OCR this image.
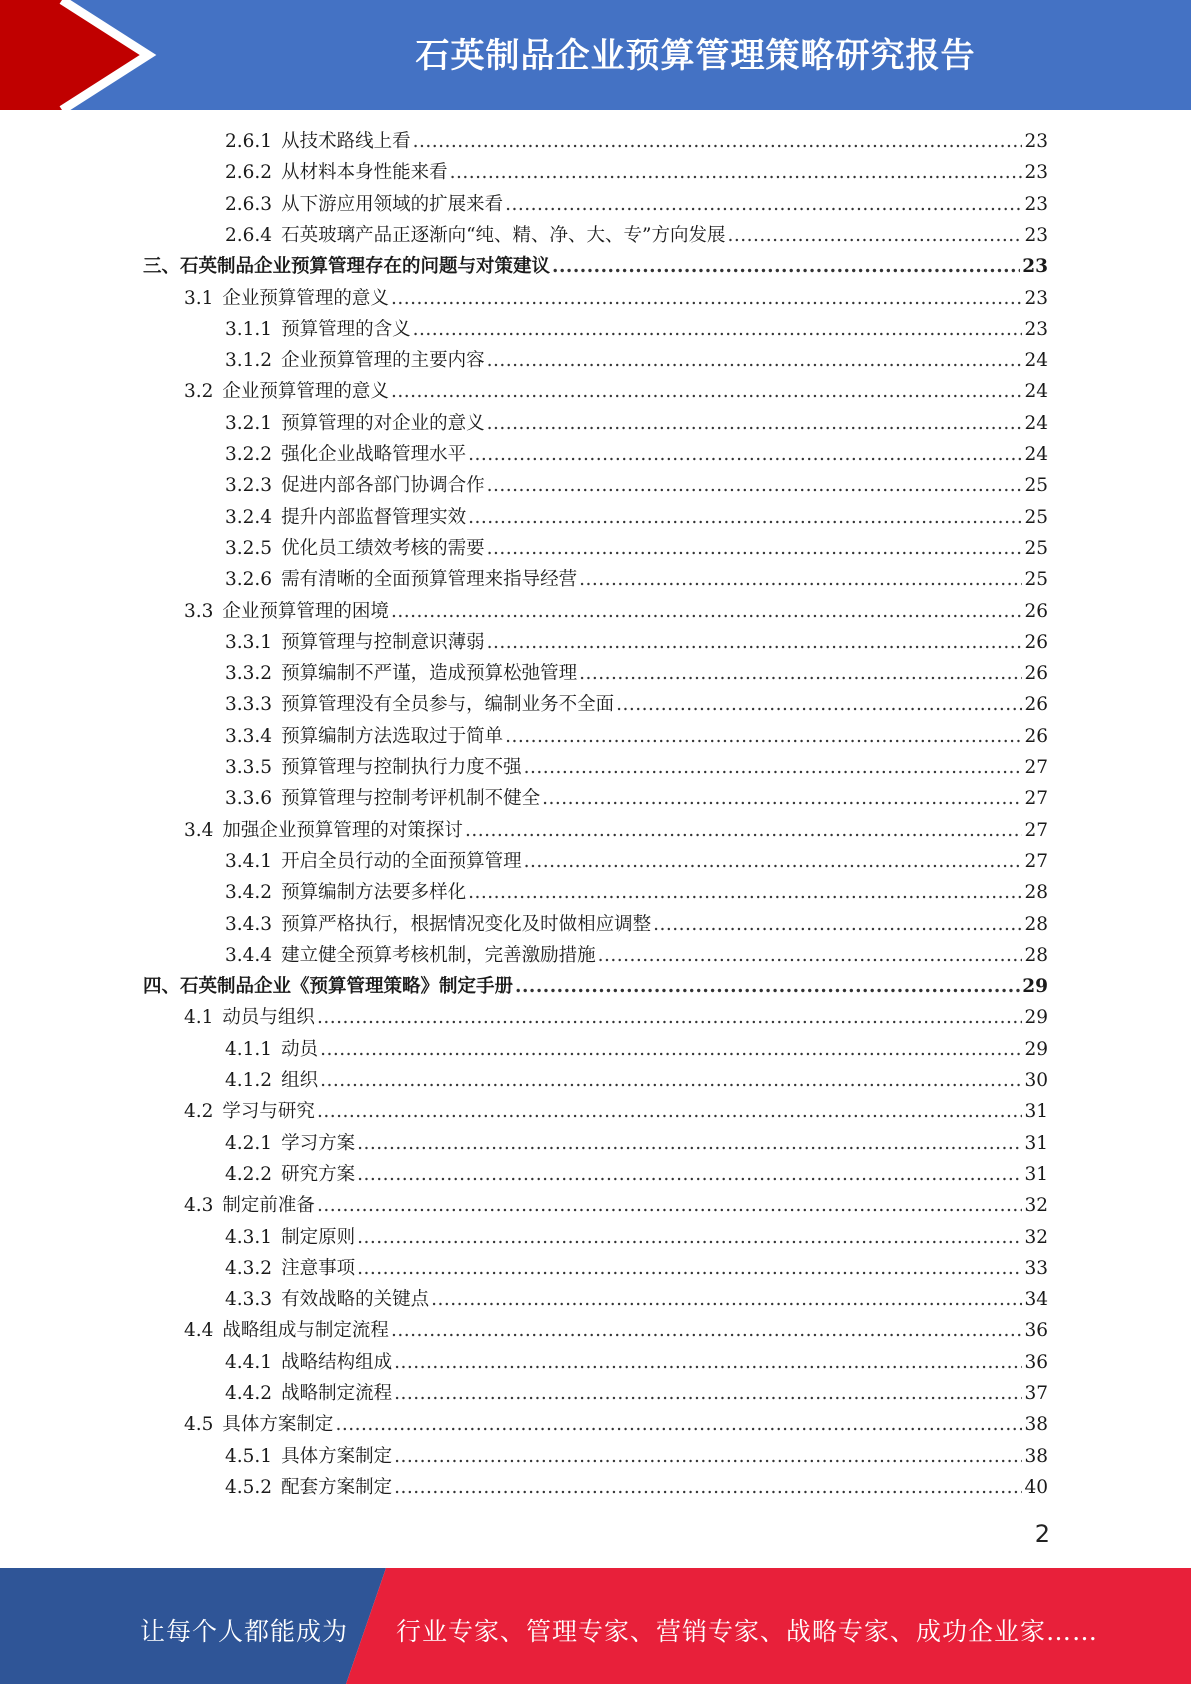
石英制品企业预算管理策略研究报告
2.6.1 从技术路线上看 .....	23
2.6.2 从材料本身性能来看 .....	23
2.6.3 从下游应用领域的扩展来看 .....	23
2.6.4 石英玻璃产品正逐渐向“纯、精、净、大、专”方向发展 .....	23
三、石英制品企业预算管理存在的问题与对策建议 .....	23
3.1 企业预算管理的意义 .....	23
3.1.1 预算管理的含义 .....	23
3.1.2 企业预算管理的主要内容 .....	24
3.2 企业预算管理的意义 .....	24
3.2.1 预算管理的对企业的意义 .....	24
3.2.2 强化企业战略管理水平 .....	24
3.2.3 促进内部各部门协调合作 .....	25
3.2.4 提升内部监督管理实效 .....	25
3.2.5 优化员工绩效考核的需要 .....	25
3.2.6 需有清晰的全面预算管理来指导经营 .....	25
3.3 企业预算管理的困境 .....	26
3.3.1 预算管理与控制意识薄弱 .....	26
3.3.2 预算编制不严谨，造成预算松弛管理 .....	26
3.3.3 预算管理没有全员参与，编制业务不全面 .....	26
3.3.4 预算编制方法选取过于简单 .....	26
3.3.5 预算管理与控制执行力度不强 .....	27
3.3.6 预算管理与控制考评机制不健全 .....	27
3.4 加强企业预算管理的对策探讨 .....	27
3.4.1 开启全员行动的全面预算管理 .....	27
3.4.2 预算编制方法要多样化 .....	28
3.4.3 预算严格执行，根据情况变化及时做相应调整 .....	28
3.4.4 建立健全预算考核机制，完善激励措施 .....	28
四、石英制品企业《预算管理策略》制定手册 .....	29
4.1 动员与组织 .....	29
4.1.1 动员 .....	29
4.1.2 组织 .....	30
4.2 学习与研究 .....	31
4.2.1 学习方案 .....	31
4.2.2 研究方案 .....	31
4.3 制定前准备 .....	32
4.3.1 制定原则 .....	32
4.3.2 注意事项 .....	33
4.3.3 有效战略的关键点 .....	34
4.4 战略组成与制定流程 .....	36
4.4.1 战略结构组成 .....	36
4.4.2 战略制定流程 .....	37
4.5 具体方案制定 .....	38
4.5.1 具体方案制定 .....	38
4.5.2 配套方案制定 .....	40
2
让每个人都能成为 行业专家、管理专家、营销专家、战略专家、成功企业家……
